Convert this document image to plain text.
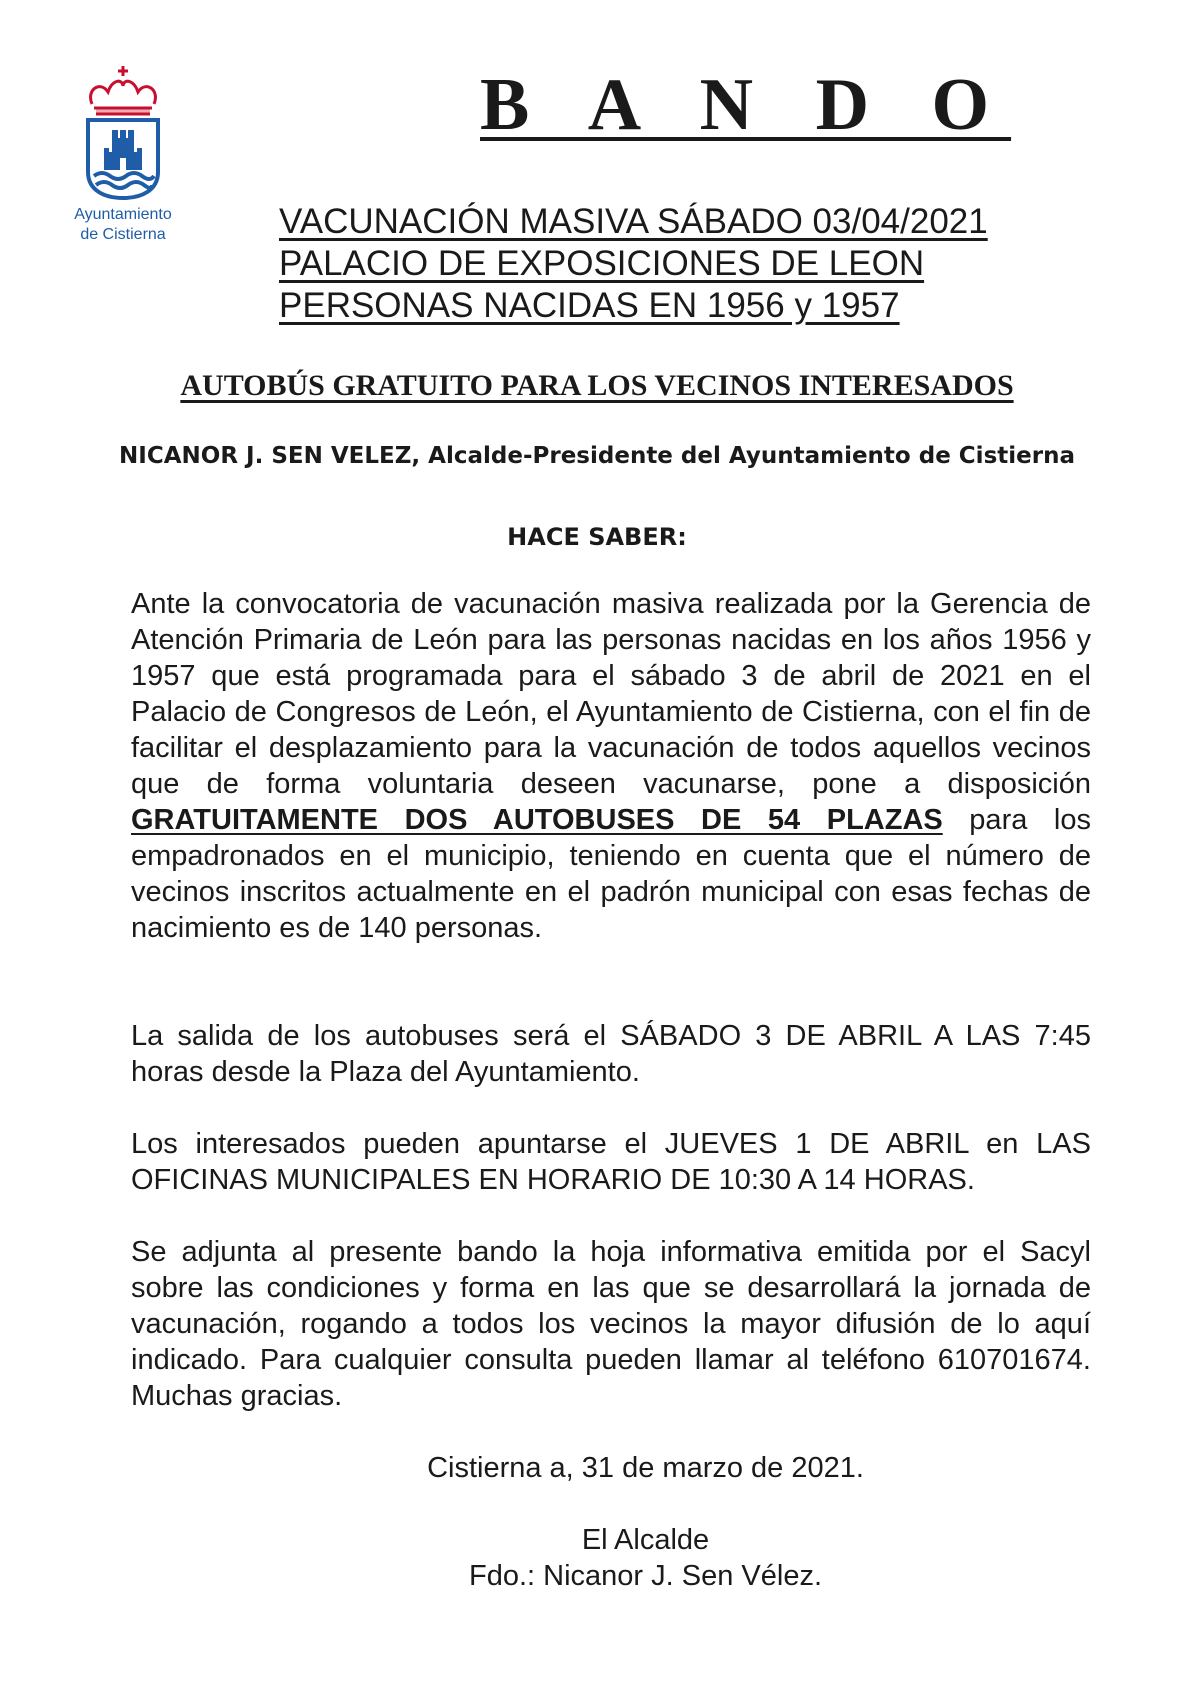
Ayuntamiento
de Cistierna
B A N D O
VACUNACIÓN MASIVA SÁBADO 03/04/2021
PALACIO DE EXPOSICIONES DE LEON
PERSONAS NACIDAS EN 1956 y 1957
AUTOBÚS GRATUITO PARA LOS VECINOS INTERESADOS
NICANOR J. SEN VELEZ, Alcalde-Presidente del Ayuntamiento de Cistierna
HACE SABER:

Ante la convocatoria de vacunación masiva realizada por la Gerencia de Atención Primaria de León para las personas nacidas en los años 1956 y 1957 que está programada para el sábado 3 de abril de 2021 en el Palacio de Congresos de León, el Ayuntamiento de Cistierna, con el fin de facilitar el desplazamiento para la vacunación de todos aquellos vecinos que de forma voluntaria deseen vacunarse, pone a disposición GRATUITAMENTE DOS AUTOBUSES DE 54 PLAZAS para los empadronados en el municipio, teniendo en cuenta que el número de vecinos inscritos actualmente en el padrón municipal con esas fechas de nacimiento es de 140 personas.

La salida de los autobuses será el SÁBADO 3 DE ABRIL A LAS 7:45 horas desde la Plaza del Ayuntamiento.

Los interesados pueden apuntarse el JUEVES 1 DE ABRIL en LAS OFICINAS MUNICIPALES EN HORARIO DE 10:30 A 14 HORAS.

Se adjunta al presente bando la hoja informativa emitida por el Sacyl sobre las condiciones y forma en las que se desarrollará la jornada de vacunación, rogando a todos los vecinos la mayor difusión de lo aquí indicado. Para cualquier consulta pueden llamar al teléfono 610701674. Muchas gracias.

Cistierna a, 31 de marzo de 2021.
El Alcalde
Fdo.: Nicanor J. Sen Vélez.
